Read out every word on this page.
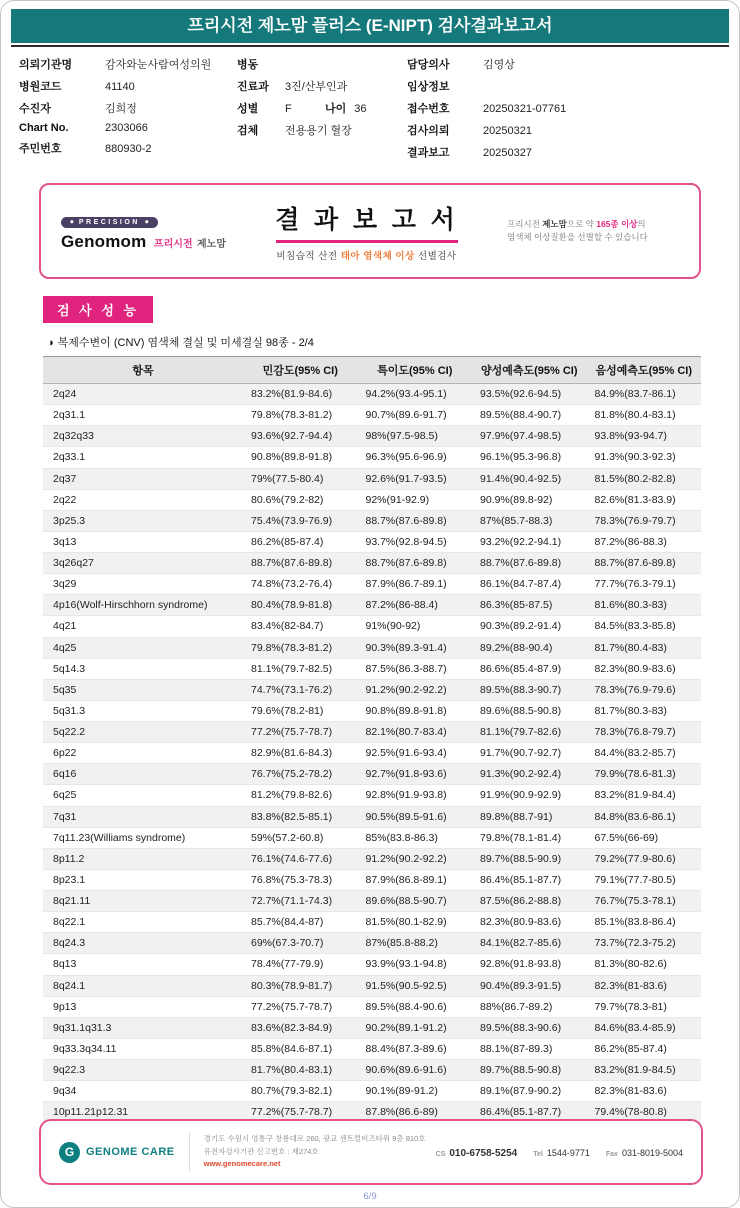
프리시전 제노맘 플러스 (E-NIPT) 검사결과보고서
의뢰기관명	감자와눈사람여성의원
병원코드	41140
수진자	김희정
Chart No.	2303066
주민번호	880930-2
병동
진료과	3진/산부인과
성별	F	나이 36
검체	전용용기 혈장
담당의사	김영상
임상정보
접수번호	20250321-07761
검사의뢰	20250321
결과보고	20250327
◆ PRECISION ◆
Genomom 프리시전 제노맘
결 과 보 고 서
비침습적 산전 태아 염색체 이상 선별검사
프리시전 제노맘으로 약 165종 이상의
염색체 이상질환을 선별할 수 있습니다
검 사 성 능
◑ 복제수변이 (CNV) 염색체 결실 및 미세결실 98종 - 2/4
항목	민감도(95% CI)	특이도(95% CI)	양성예측도(95% CI)	음성예측도(95% CI)
2q24	83.2%(81.9-84.6)	94.2%(93.4-95.1)	93.5%(92.6-94.5)	84.9%(83.7-86.1)
2q31.1	79.8%(78.3-81.2)	90.7%(89.6-91.7)	89.5%(88.4-90.7)	81.8%(80.4-83.1)
2q32q33	93.6%(92.7-94.4)	98%(97.5-98.5)	97.9%(97.4-98.5)	93.8%(93-94.7)
2q33.1	90.8%(89.8-91.8)	96.3%(95.6-96.9)	96.1%(95.3-96.8)	91.3%(90.3-92.3)
2q37	79%(77.5-80.4)	92.6%(91.7-93.5)	91.4%(90.4-92.5)	81.5%(80.2-82.8)
2q22	80.6%(79.2-82)	92%(91-92.9)	90.9%(89.8-92)	82.6%(81.3-83.9)
3p25.3	75.4%(73.9-76.9)	88.7%(87.6-89.8)	87%(85.7-88.3)	78.3%(76.9-79.7)
3q13	86.2%(85-87.4)	93.7%(92.8-94.5)	93.2%(92.2-94.1)	87.2%(86-88.3)
3q26q27	88.7%(87.6-89.8)	88.7%(87.6-89.8)	88.7%(87.6-89.8)	88.7%(87.6-89.8)
3q29	74.8%(73.2-76.4)	87.9%(86.7-89.1)	86.1%(84.7-87.4)	77.7%(76.3-79.1)
4p16(Wolf-Hirschhorn syndrome)	80.4%(78.9-81.8)	87.2%(86-88.4)	86.3%(85-87.5)	81.6%(80.3-83)
4q21	83.4%(82-84.7)	91%(90-92)	90.3%(89.2-91.4)	84.5%(83.3-85.8)
4q25	79.8%(78.3-81.2)	90.3%(89.3-91.4)	89.2%(88-90.4)	81.7%(80.4-83)
5q14.3	81.1%(79.7-82.5)	87.5%(86.3-88.7)	86.6%(85.4-87.9)	82.3%(80.9-83.6)
5q35	74.7%(73.1-76.2)	91.2%(90.2-92.2)	89.5%(88.3-90.7)	78.3%(76.9-79.6)
5q31.3	79.6%(78.2-81)	90.8%(89.8-91.8)	89.6%(88.5-90.8)	81.7%(80.3-83)
5q22.2	77.2%(75.7-78.7)	82.1%(80.7-83.4)	81.1%(79.7-82.6)	78.3%(76.8-79.7)
6p22	82.9%(81.6-84.3)	92.5%(91.6-93.4)	91.7%(90.7-92.7)	84.4%(83.2-85.7)
6q16	76.7%(75.2-78.2)	92.7%(91.8-93.6)	91.3%(90.2-92.4)	79.9%(78.6-81.3)
6q25	81.2%(79.8-82.6)	92.8%(91.9-93.8)	91.9%(90.9-92.9)	83.2%(81.9-84.4)
7q31	83.8%(82.5-85.1)	90.5%(89.5-91.6)	89.8%(88.7-91)	84.8%(83.6-86.1)
7q11.23(Williams syndrome)	59%(57.2-60.8)	85%(83.8-86.3)	79.8%(78.1-81.4)	67.5%(66-69)
8p11.2	76.1%(74.6-77.6)	91.2%(90.2-92.2)	89.7%(88.5-90.9)	79.2%(77.9-80.6)
8p23.1	76.8%(75.3-78.3)	87.9%(86.8-89.1)	86.4%(85.1-87.7)	79.1%(77.7-80.5)
8q21.11	72.7%(71.1-74.3)	89.6%(88.5-90.7)	87.5%(86.2-88.8)	76.7%(75.3-78.1)
8q22.1	85.7%(84.4-87)	81.5%(80.1-82.9)	82.3%(80.9-83.6)	85.1%(83.8-86.4)
8q24.3	69%(67.3-70.7)	87%(85.8-88.2)	84.1%(82.7-85.6)	73.7%(72.3-75.2)
8q13	78.4%(77-79.9)	93.9%(93.1-94.8)	92.8%(91.8-93.8)	81.3%(80-82.6)
8q24.1	80.3%(78.9-81.7)	91.5%(90.5-92.5)	90.4%(89.3-91.5)	82.3%(81-83.6)
9p13	77.2%(75.7-78.7)	89.5%(88.4-90.6)	88%(86.7-89.2)	79.7%(78.3-81)
9q31.1q31.3	83.6%(82.3-84.9)	90.2%(89.1-91.2)	89.5%(88.3-90.6)	84.6%(83.4-85.9)
9q33.3q34.11	85.8%(84.6-87.1)	88.4%(87.3-89.6)	88.1%(87-89.3)	86.2%(85-87.4)
9q22.3	81.7%(80.4-83.1)	90.6%(89.6-91.6)	89.7%(88.5-90.8)	83.2%(81.9-84.5)
9q34	80.7%(79.3-82.1)	90.1%(89-91.2)	89.1%(87.9-90.2)	82.3%(81-83.6)
10p11.21p12.31	77.2%(75.7-78.7)	87.8%(86.6-89)	86.4%(85.1-87.7)	79.4%(78-80.8)
G	GENOME CARE
경기도 수원시 영통구 창룡대로 260, 광교 센트럴비즈타워 9층 810호
유전자검사기관 신고번호 : 제274호
www.genomecare.net
CS 010-6758-5254 Tel 1544-9771 Fax 031-8019-5004
6/9
